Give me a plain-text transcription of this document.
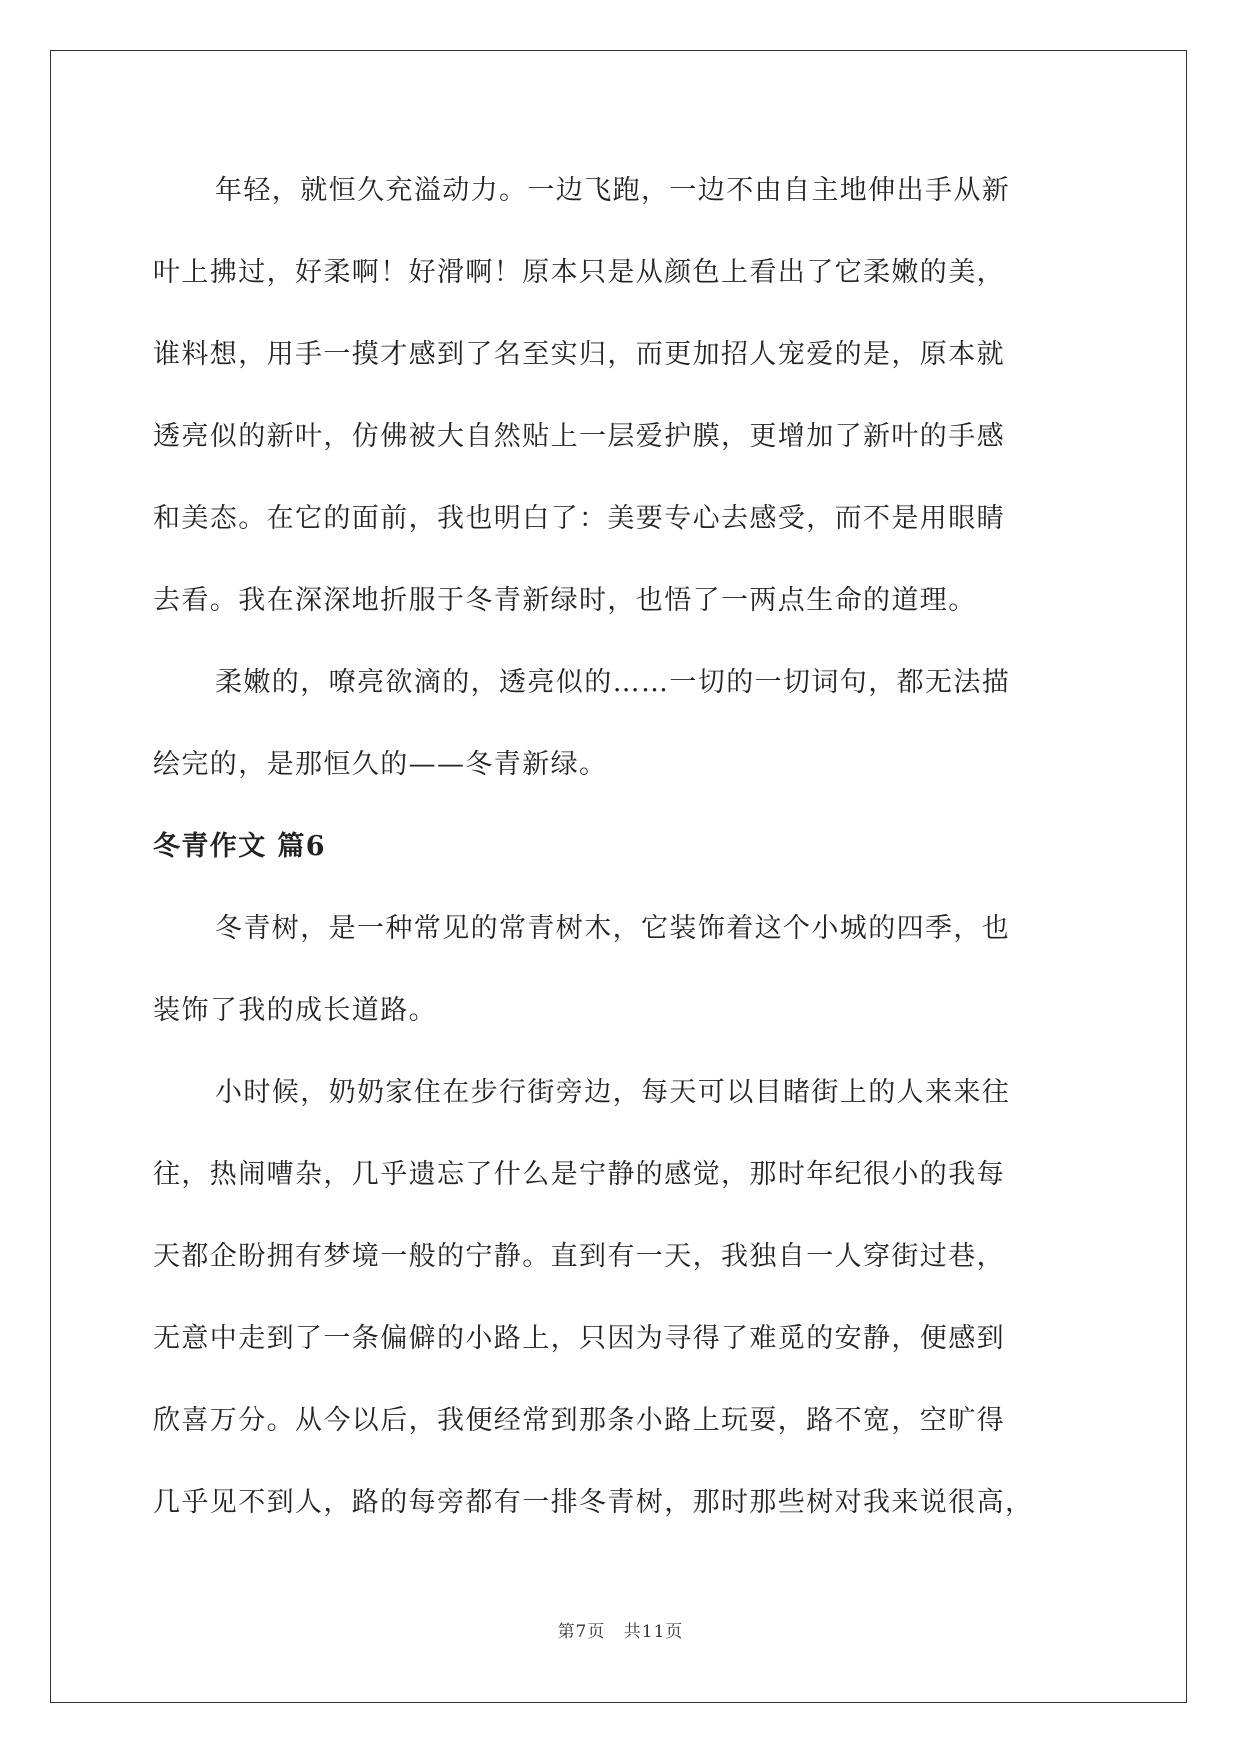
年轻，就恒久充溢动力。一边飞跑，一边不由自主地伸出手从新
叶上拂过，好柔啊！好滑啊！原本只是从颜色上看出了它柔嫩的美，
谁料想，用手一摸才感到了名至实归，而更加招人宠爱的是，原本就
透亮似的新叶，仿佛被大自然贴上一层爱护膜，更增加了新叶的手感
和美态。在它的面前，我也明白了：美要专心去感受，而不是用眼睛
去看。我在深深地折服于冬青新绿时，也悟了一两点生命的道理。

柔嫩的，嘹亮欲滴的，透亮似的……一切的一切词句，都无法描
绘完的，是那恒久的——冬青新绿。

冬青作文 篇6

冬青树，是一种常见的常青树木，它装饰着这个小城的四季，也
装饰了我的成长道路。

小时候，奶奶家住在步行街旁边，每天可以目睹街上的人来来往
往，热闹嘈杂，几乎遗忘了什么是宁静的感觉，那时年纪很小的我每
天都企盼拥有梦境一般的宁静。直到有一天，我独自一人穿街过巷，
无意中走到了一条偏僻的小路上，只因为寻得了难觅的安静，便感到
欣喜万分。从今以后，我便经常到那条小路上玩耍，路不宽，空旷得
几乎见不到人，路的每旁都有一排冬青树，那时那些树对我来说很高，

第7页 共11页
